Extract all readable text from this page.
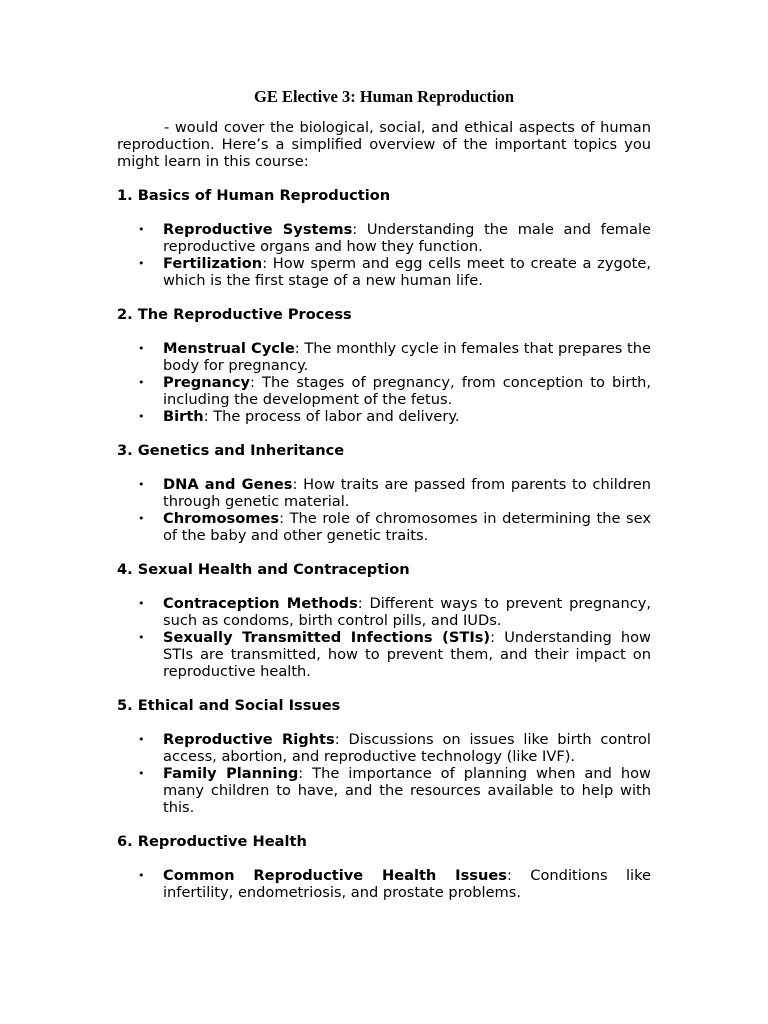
GE Elective 3: Human Reproduction

- would cover the biological, social, and ethical aspects of human reproduction. Here’s a simplified overview of the important topics you might learn in this course:

1. Basics of Human Reproduction

• Reproductive Systems: Understanding the male and female reproductive organs and how they function.
• Fertilization: How sperm and egg cells meet to create a zygote, which is the first stage of a new human life.

2. The Reproductive Process

• Menstrual Cycle: The monthly cycle in females that prepares the body for pregnancy.
• Pregnancy: The stages of pregnancy, from conception to birth, including the development of the fetus.
• Birth: The process of labor and delivery.

3. Genetics and Inheritance

• DNA and Genes: How traits are passed from parents to children through genetic material.
• Chromosomes: The role of chromosomes in determining the sex of the baby and other genetic traits.

4. Sexual Health and Contraception

• Contraception Methods: Different ways to prevent pregnancy, such as condoms, birth control pills, and IUDs.
• Sexually Transmitted Infections (STIs): Understanding how STIs are transmitted, how to prevent them, and their impact on reproductive health.

5. Ethical and Social Issues

• Reproductive Rights: Discussions on issues like birth control access, abortion, and reproductive technology (like IVF).
• Family Planning: The importance of planning when and how many children to have, and the resources available to help with this.

6. Reproductive Health

• Common Reproductive Health Issues: Conditions like infertility, endometriosis, and prostate problems.
